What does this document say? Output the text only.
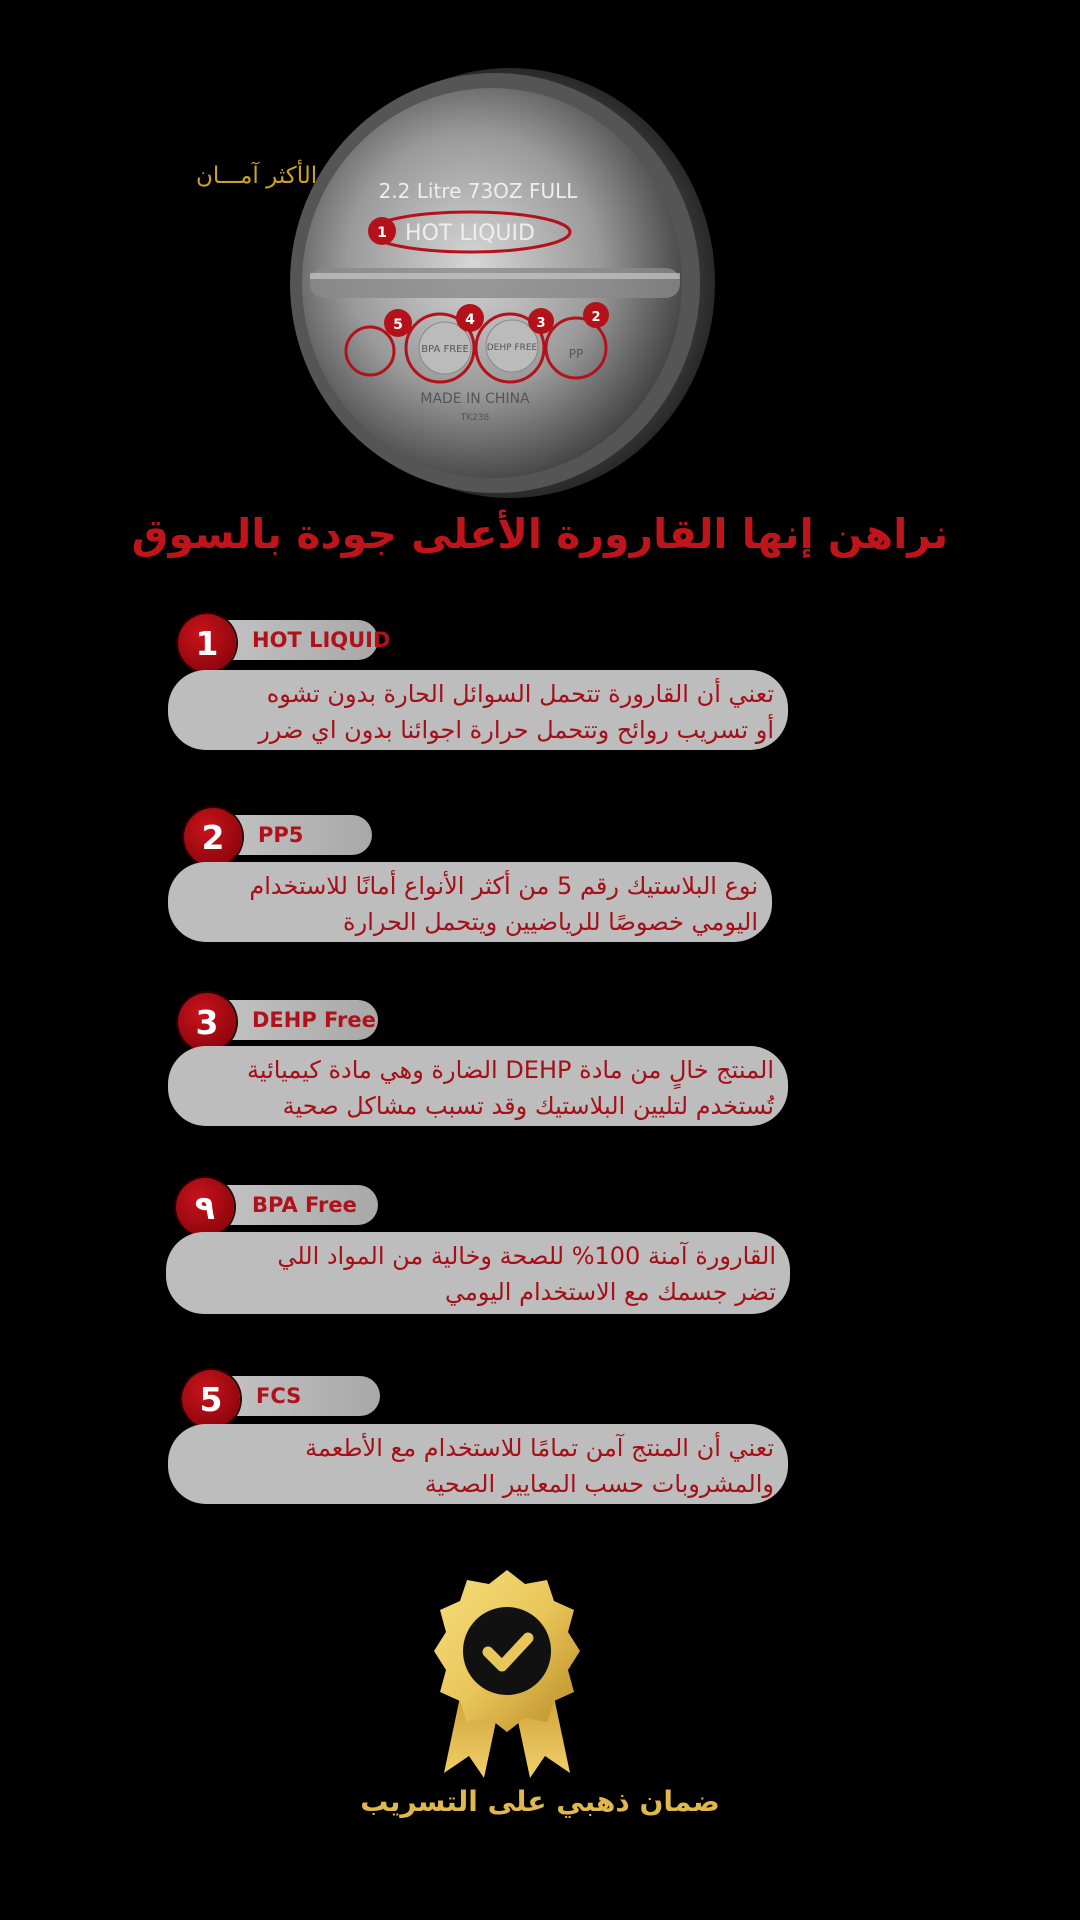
2.2 Litre 73OZ FULL
HOT LIQUID
BPA FREE DEHP FREE	PP
MADE IN CHINA
TK238
1
5	4	3	2
الأكثر آمـــان
نراهن إنها القارورة الأعلى جودة بالسوق
HOT LIQUID
1
تعني أن القارورة تتحمل السوائل الحارة بدون تشوه
أو تسريب روائح وتتحمل حرارة اجوائنا بدون اي ضرر
PP5
2
نوع البلاستيك رقم 5 من أكثر الأنواع أمانًا للاستخدام
اليومي خصوصًا للرياضيين ويتحمل الحرارة
DEHP Free
3
المنتج خالٍ من مادة DEHP الضارة وهي مادة كيميائية
تُستخدم لتليين البلاستيك وقد تسبب مشاكل صحية
BPA Free
٩
القارورة آمنة 100% للصحة وخالية من المواد اللي
تضر جسمك مع الاستخدام اليومي
FCS
5
تعني أن المنتج آمن تمامًا للاستخدام مع الأطعمة
والمشروبات حسب المعايير الصحية
ضمان ذهبي على التسريب
